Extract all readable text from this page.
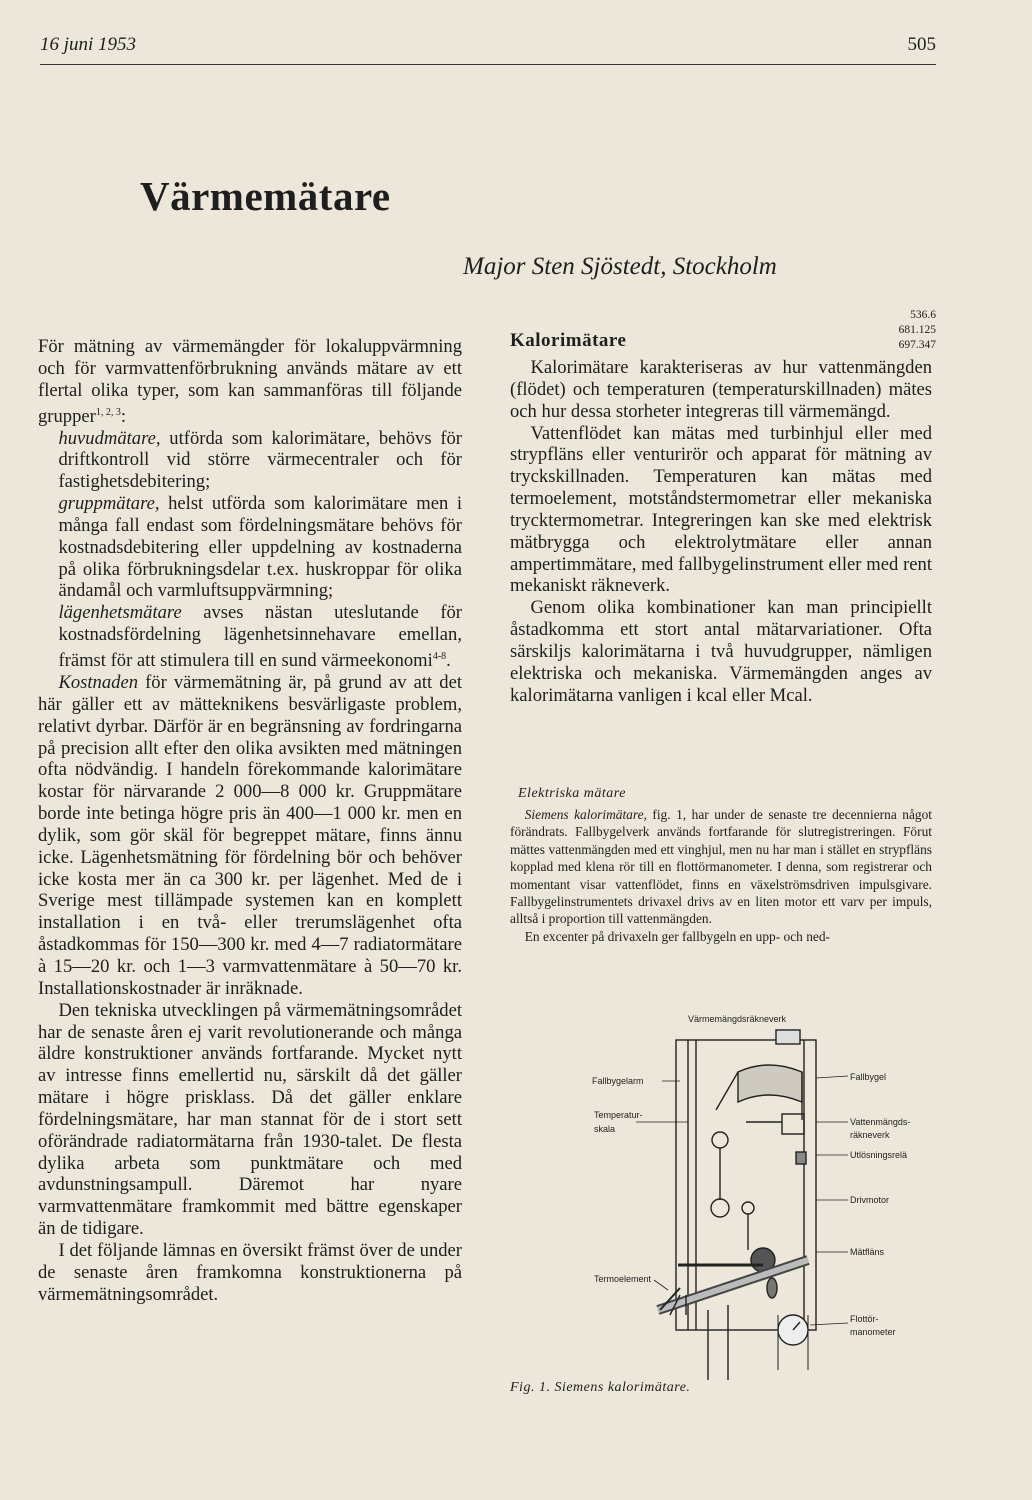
16 juni 1953	505
Värmemätare
Major Sten Sjöstedt, Stockholm
536.6
681.125
697.347

För mätning av värmemängder för lokaluppvärmning och för varmvattenförbrukning används mätare av ett flertal olika typer, som kan sammanföras till följande grupper$^{1, 2, 3}$:

huvudmätare, utförda som kalorimätare, behövs för driftkontroll vid större värmecentraler och för fastighetsdebitering;

gruppmätare, helst utförda som kalorimätare men i många fall endast som fördelningsmätare behövs för kostnadsdebitering eller uppdelning av kostnaderna på olika förbrukningsdelar t.ex. huskroppar för olika ändamål och varmluftsuppvärmning;

lägenhetsmätare avses nästan uteslutande för kostnadsfördelning lägenhetsinnehavare emellan, främst för att stimulera till en sund värmeekonomi$^{4-8}$.

Kostnaden för värmemätning är, på grund av att det här gäller ett av mätteknikens besvärligaste problem, relativt dyrbar. Därför är en begränsning av fordringarna på precision allt efter den olika avsikten med mätningen ofta nödvändig. I handeln förekommande kalorimätare kostar för närvarande 2 000—8 000 kr. Gruppmätare borde inte betinga högre pris än 400—1 000 kr. men en dylik, som gör skäl för begreppet mätare, finns ännu icke. Lägenhetsmätning för fördelning bör och behöver icke kosta mer än ca 300 kr. per lägenhet. Med de i Sverige mest tillämpade systemen kan en komplett installation i en två- eller trerumslägenhet ofta åstadkommas för 150—300 kr. med 4—7 radiatormätare à 15—20 kr. och 1—3 varmvattenmätare à 50—70 kr. Installationskostnader är inräknade.

Den tekniska utvecklingen på värmemätningsområdet har de senaste åren ej varit revolutionerande och många äldre konstruktioner används fortfarande. Mycket nytt av intresse finns emellertid nu, särskilt då det gäller mätare i högre prisklass. Då det gäller enklare fördelningsmätare, har man stannat för de i stort sett oförändrade radiatormätarna från 1930-talet. De flesta dylika arbeta som punktmätare och med avdunstningsampull. Däremot har nyare varmvattenmätare framkommit med bättre egenskaper än de tidigare.

I det följande lämnas en översikt främst över de under de senaste åren framkomna konstruktionerna på värmemätningsområdet.

Kalorimätare

Kalorimätare karakteriseras av hur vattenmängden (flödet) och temperaturen (temperaturskillnaden) mätes och hur dessa storheter integreras till värmemängd.

Vattenflödet kan mätas med turbinhjul eller med strypfläns eller venturirör och apparat för mätning av tryckskillnaden. Temperaturen kan mätas med termoelement, motståndstermometrar eller mekaniska trycktermometrar. Integreringen kan ske med elektrisk mätbrygga och elektrolytmätare eller annan ampertimmätare, med fallbygelinstrument eller med rent mekaniskt räkneverk.

Genom olika kombinationer kan man principiellt åstadkomma ett stort antal mätarvariationer. Ofta särskiljs kalorimätarna i två huvudgrupper, nämligen elektriska och mekaniska. Värmemängden anges av kalorimätarna vanligen i kcal eller Mcal.

Elektriska mätare

Siemens kalorimätare, fig. 1, har under de senaste tre decennierna något förändrats. Fallbygelverk används fortfarande för slutregistreringen. Förut mättes vattenmängden med ett vinghjul, men nu har man i stället en strypfläns kopplad med klena rör till en flottörmanometer. I denna, som registrerar och momentant visar vattenflödet, finns en växelströmsdriven impulsgivare. Fallbygelinstrumentets drivaxel drivs av en liten motor ett varv per impuls, alltså i proportion till vattenmängden.

En excenter på drivaxeln ger fallbygeln en upp- och ned-

Värmemängdsräkneverk
Fallbygelarm
Temperatur-
skala
Termoelement
Fallbygel
Vattenmängds-
räkneverk
Utlösningsrelä
Drivmotor
Mätfläns
Flottör-
manometer
Fig. 1. Siemens kalorimätare.
